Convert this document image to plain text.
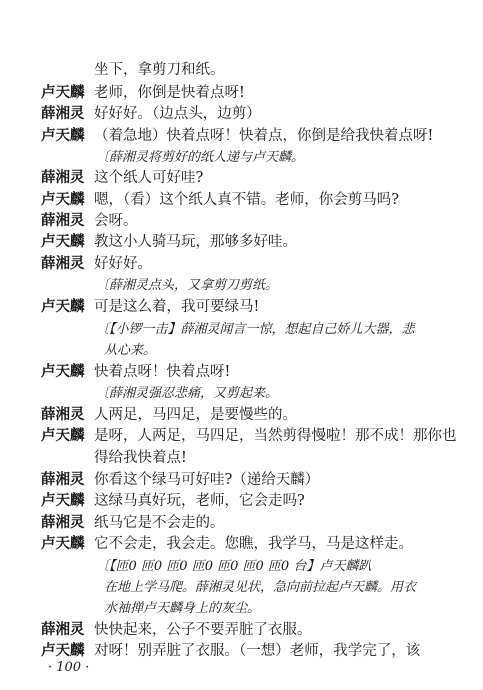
坐下，拿剪刀和纸。
卢天麟 老师，你倒是快着点呀!
薛湘灵 好好好。（边点头，边剪）
卢天麟 （着急地）快着点呀！快着点，你倒是给我快着点呀!
〔薛湘灵将剪好的纸人递与卢天麟。
薛湘灵 这个纸人可好哇?
卢天麟 嗯，（看）这个纸人真不错。老师，你会剪马吗?
薛湘灵 会呀。
卢天麟 教这小人骑马玩，那够多好哇。
薛湘灵 好好好。
〔薛湘灵点头，又拿剪刀剪纸。
卢天麟 可是这么着，我可要绿马!
〔【小锣一击】薛湘灵闻言一惊，想起自己娇儿大器，悲
从心来。
卢天麟 快着点呀！快着点呀!
〔薛湘灵强忍悲痛，又剪起来。
薛湘灵 人两足，马四足，是要慢些的。
卢天麟 是呀，人两足，马四足，当然剪得慢啦！那不成！那你也
得给我快着点!
薛湘灵 你看这个绿马可好哇?（递给天麟）
卢天麟 这绿马真好玩，老师，它会走吗?
薛湘灵 纸马它是不会走的。
卢天麟 它不会走，我会走。您瞧，我学马，马是这样走。
〔【匝0 匝0 匝0 匝0 匝0 匝0 匝0 台】卢天麟趴
在地上学马爬。薛湘灵见状，急向前拉起卢天麟。用衣
水袖掸卢天麟身上的灰尘。
薛湘灵 快快起来，公子不要弄脏了衣服。
卢天麟 对呀！别弄脏了衣服。（一想）老师，我学完了，该
· 100 ·
